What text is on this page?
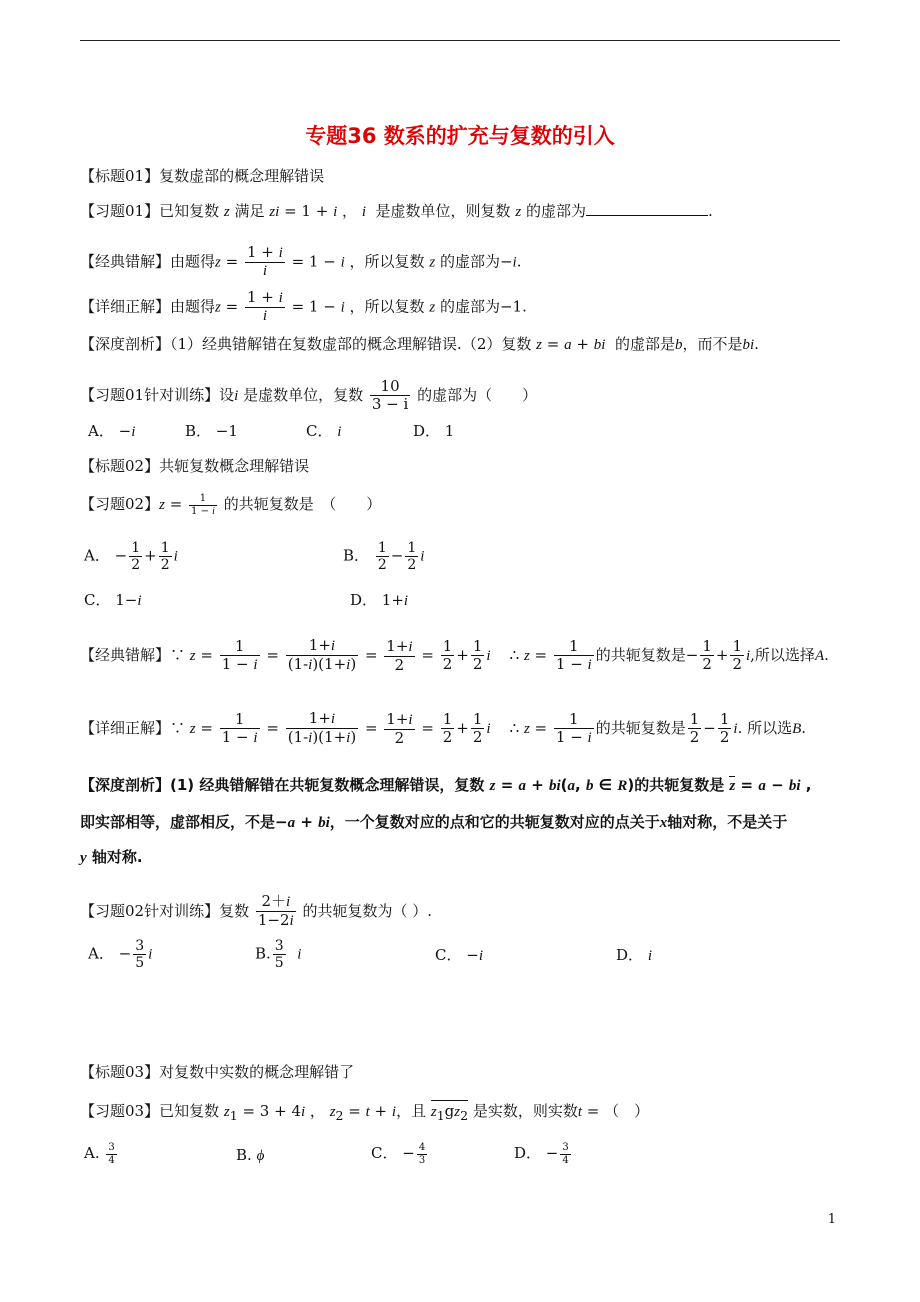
专题36 数系的扩充与复数的引入
【标题01】复数虚部的概念理解错误
【习题01】已知复数 z 满足 zi = 1 + i ， i 是虚数单位，则复数 z 的虚部为	.
【经典错解】由题得$z = \frac{1 + i}{i} = 1 - i$ ，所以复数 z 的虚部为−i.
【详细正解】由题得$z = \frac{1 + i}{i} = 1 - i$ ，所以复数 z 的虚部为−1.
【深度剖析】（1）经典错解错在复数虚部的概念理解错误.（2）复数 z = a + bi 的虚部是b，而不是bi.
【习题01针对训练】设i 是虚数单位，复数 $\frac{10}{3 - i}$ 的虚部为（　　）
A． −i	B． −1	C． i	D． 1
【标题02】共轭复数概念理解错误
【习题02】$z = \frac{1}{1 - i}$ 的共轭复数是　（　　）
A． − $\frac{1}{2} + \frac{1}{2}$ i	B． $\frac{1}{2} - \frac{1}{2}$ i
C． 1−i	D． 1+i
【经典错解】∵ $z = \frac{1}{1 - i} = \frac{1+i}{(1-i)(1+i)} = \frac{1+i}{2} = \frac{1}{2} + \frac{1}{2}$ i    ∴ $z = \frac{1}{1 - i}$ 的共轭复数是− $\frac{1}{2} + \frac{1}{2} i$,所以选择A.
【详细正解】∵ $z = \frac{1}{1 - i} = \frac{1+i}{(1-i)(1+i)} = \frac{1+i}{2} = \frac{1}{2} + \frac{1}{2}$ i    ∴ $z = \frac{1}{1 - i}$ 的共轭复数是 $\frac{1}{2} - \frac{1}{2} i$. 所以选B.
【深度剖析】(1) 经典错解错在共轭复数概念理解错误，复数 z = a + bi(a, b ∈ R)的共轭复数是 z = a − bi ,
即实部相等，虚部相反，不是−a + bi，一个复数对应的点和它的共轭复数对应的点关于x轴对称，不是关于
y 轴对称.
【习题02针对训练】复数 $\frac{2+i}{1-2i}$ 的共轭复数为（ ）.
A． − $\frac{3}{5}$ i	B. $\frac{3}{5}$ i	C． −i	D． i
【标题03】对复数中实数的概念理解错了
【习题03】已知复数 $z_1 = 3 + 4i$ ， $z_2 = t + i$，且 $z_1gz_2$ 是实数，则实数t = （　）
A. $\frac{3}{4}$	B. ϕ	C． − $\frac{4}{3}$	D． − $\frac{3}{4}$
1
